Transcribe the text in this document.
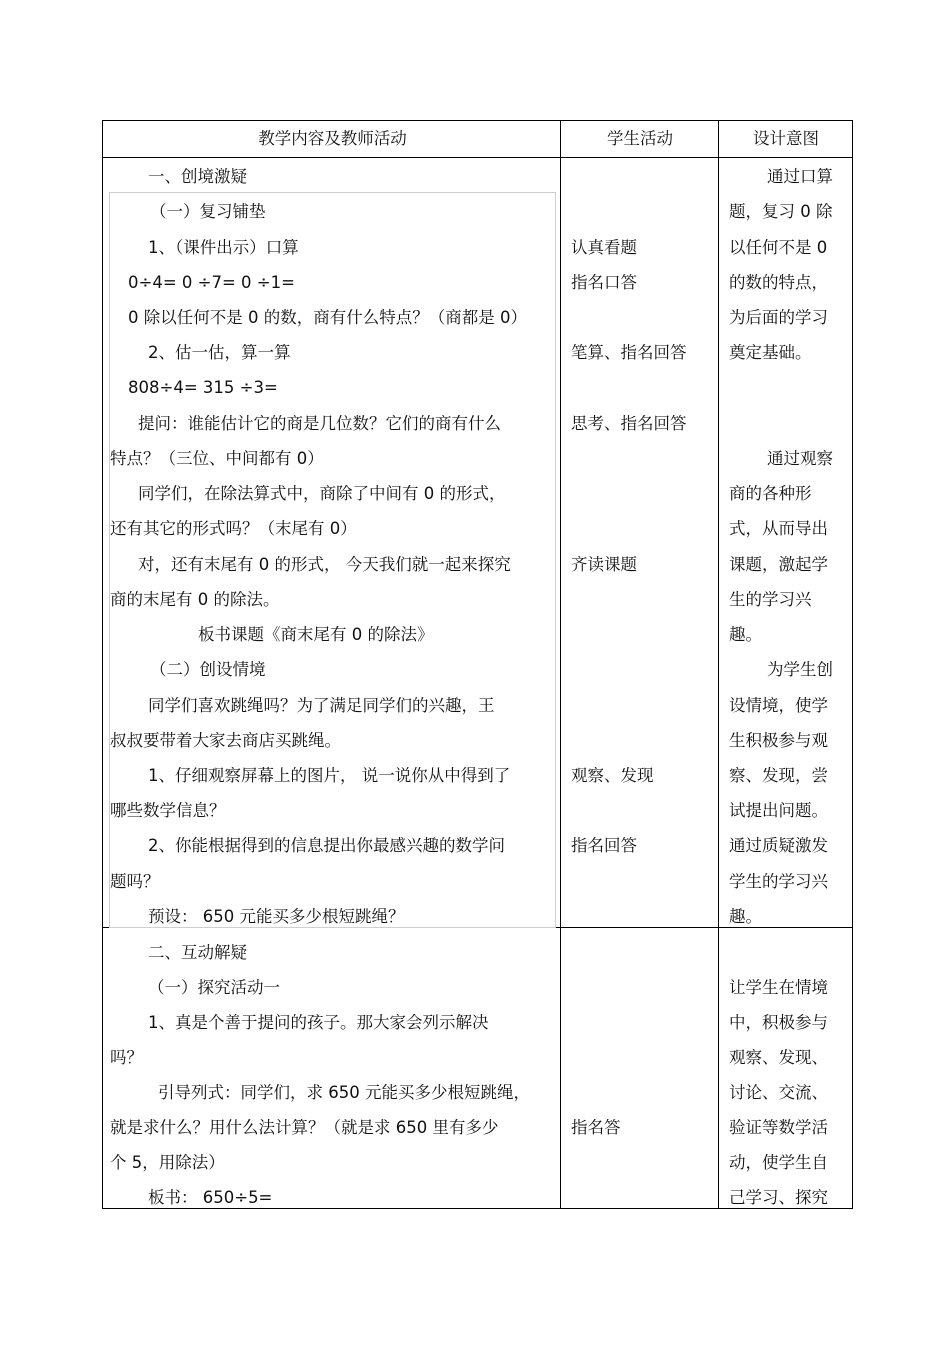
教学内容及教师活动	学生活动	设计意图
一、创境激疑
（一）复习铺垫
1、（课件出示）口算
0÷4= 0 ÷7= 0 ÷1=
0 除以任何不是 0 的数，商有什么特点？（商都是 0）
2、估一估，算一算
808÷4= 315 ÷3=
提问：谁能估计它的商是几位数？它们的商有什么
特点？（三位、中间都有 0）
同学们，在除法算式中，商除了中间有 0 的形式，
还有其它的形式吗？（末尾有 0）
对，还有末尾有 0 的形式， 今天我们就一起来探究
商的末尾有 0 的除法。
板书课题《商末尾有 0 的除法》
（二）创设情境
同学们喜欢跳绳吗？为了满足同学们的兴趣，王
叔叔要带着大家去商店买跳绳。
1、仔细观察屏幕上的图片， 说一说你从中得到了
哪些数学信息？
2、你能根据得到的信息提出你最感兴趣的数学问
题吗？
预设： 650 元能买多少根短跳绳？
二、互动解疑
（一）探究活动一
1、真是个善于提问的孩子。那大家会列示解决
吗？
引导列式：同学们，求 650 元能买多少根短跳绳，
就是求什么？用什么法计算？（就是求 650 里有多少
个 5，用除法）
板书： 650÷5=
认真看题
指名口答
笔算、指名回答
思考、指名回答
齐读课题
观察、发现
指名回答
指名答
通过口算
题，复习 0 除
以任何不是 0
的数的特点，
为后面的学习
奠定基础。
通过观察
商的各种形
式，从而导出
课题，激起学
生的学习兴
趣。
为学生创
设情境，使学
生积极参与观
察、发现，尝
试提出问题。
通过质疑激发
学生的学习兴
趣。
让学生在情境
中，积极参与
观察、发现、
讨论、交流、
验证等数学活
动，使学生自
己学习、探究
